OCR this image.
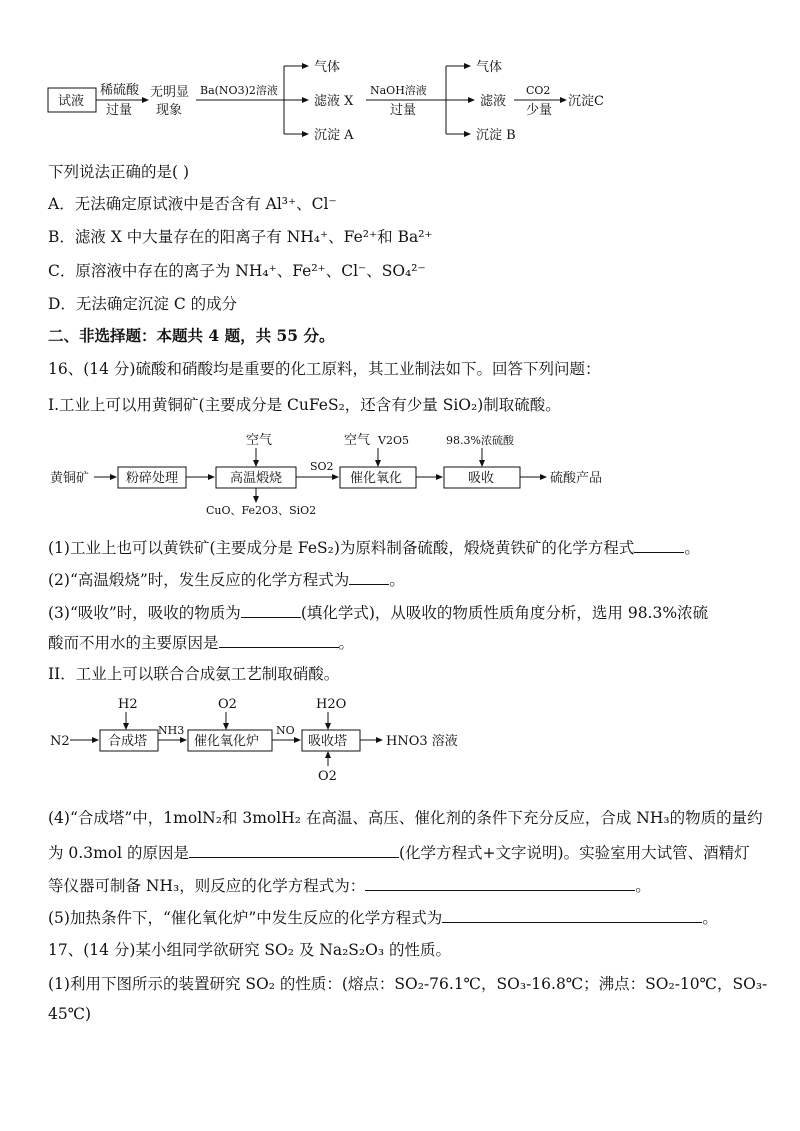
试液
稀硫酸
过量
无明显
现象
Ba(NO3)2溶液
气体
滤液 X
沉淀 A
NaOH溶液
过量
气体
滤液
沉淀 B
CO2
少量
沉淀C
下列说法正确的是( )
A．无法确定原试液中是否含有 Al³⁺、Cl⁻
B．滤液 X 中大量存在的阳离子有 NH₄⁺、Fe²⁺和 Ba²⁺
C．原溶液中存在的离子为 NH₄⁺、Fe²⁺、Cl⁻、SO₄²⁻
D．无法确定沉淀 C 的成分
二、非选择题：本题共 4 题，共 55 分。
16、(14 分)硫酸和硝酸均是重要的化工原料，其工业制法如下。回答下列问题：
Ⅰ.工业上可以用黄铜矿(主要成分是 CuFeS₂，还含有少量 SiO₂)制取硫酸。
黄铜矿	粉碎处理	高温煅烧
空气
CuO、Fe2O3、SiO2
SO2
催化氧化
空气 V2O5
吸收
98.3%浓硫酸
硫酸产品
(1)工业上也可以黄铁矿(主要成分是 FeS₂)为原料制备硫酸，煅烧黄铁矿的化学方程式	。
(2)“高温煅烧”时，发生反应的化学方程式为	。
(3)“吸收”时，吸收的物质为	(填化学式)，从吸收的物质性质角度分析，选用 98.3%浓硫
酸而不用水的主要原因是	。
II．工业上可以联合合成氨工艺制取硝酸。
N2	合成塔
H2
NH3
催化氧化炉
O2
NO
吸收塔
H2O
O2
HNO3 溶液
(4)“合成塔”中，1molN₂和 3molH₂ 在高温、高压、催化剂的条件下充分反应，合成 NH₃的物质的量约
为 0.3mol 的原因是	(化学方程式+文字说明)。实验室用大试管、酒精灯
等仪器可制备 NH₃，则反应的化学方程式为：	。
(5)加热条件下，“催化氧化炉”中发生反应的化学方程式为	。
17、(14 分)某小组同学欲研究 SO₂ 及 Na₂S₂O₃ 的性质。
(1)利用下图所示的装置研究 SO₂ 的性质：(熔点：SO₂-76.1℃，SO₃-16.8℃；沸点：SO₂-10℃，SO₃-
45℃)
